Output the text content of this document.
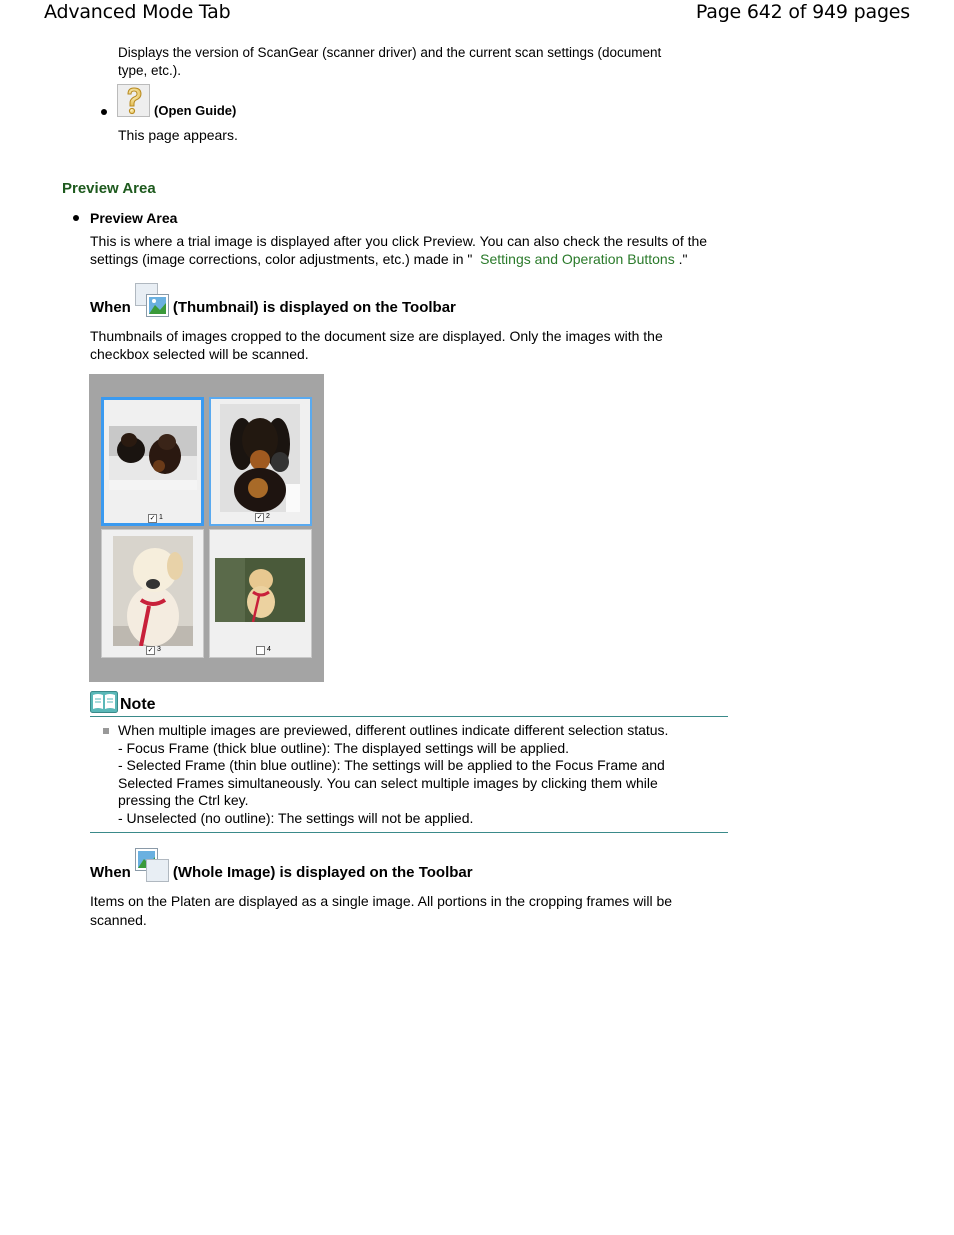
Advanced Mode Tab	Page 642 of 949 pages
Displays the version of ScanGear (scanner driver) and the current scan settings (document
type, etc.).
(Open Guide)
This page appears.
Preview Area
Preview Area
This is where a trial image is displayed after you click Preview. You can also check the results of the
settings (image corrections, color adjustments, etc.) made in " Settings and Operation Buttons ."
When	(Thumbnail) is displayed on the Toolbar
Thumbnails of images cropped to the document size are displayed. Only the images with the
checkbox selected will be scanned.
✓ 1	✓ 2
✓ 3	4
Note
When multiple images are previewed, different outlines indicate different selection status.
- Focus Frame (thick blue outline): The displayed settings will be applied.
- Selected Frame (thin blue outline): The settings will be applied to the Focus Frame and
Selected Frames simultaneously. You can select multiple images by clicking them while
pressing the Ctrl key.
- Unselected (no outline): The settings will not be applied.
When	(Whole Image) is displayed on the Toolbar
Items on the Platen are displayed as a single image. All portions in the cropping frames will be
scanned.
